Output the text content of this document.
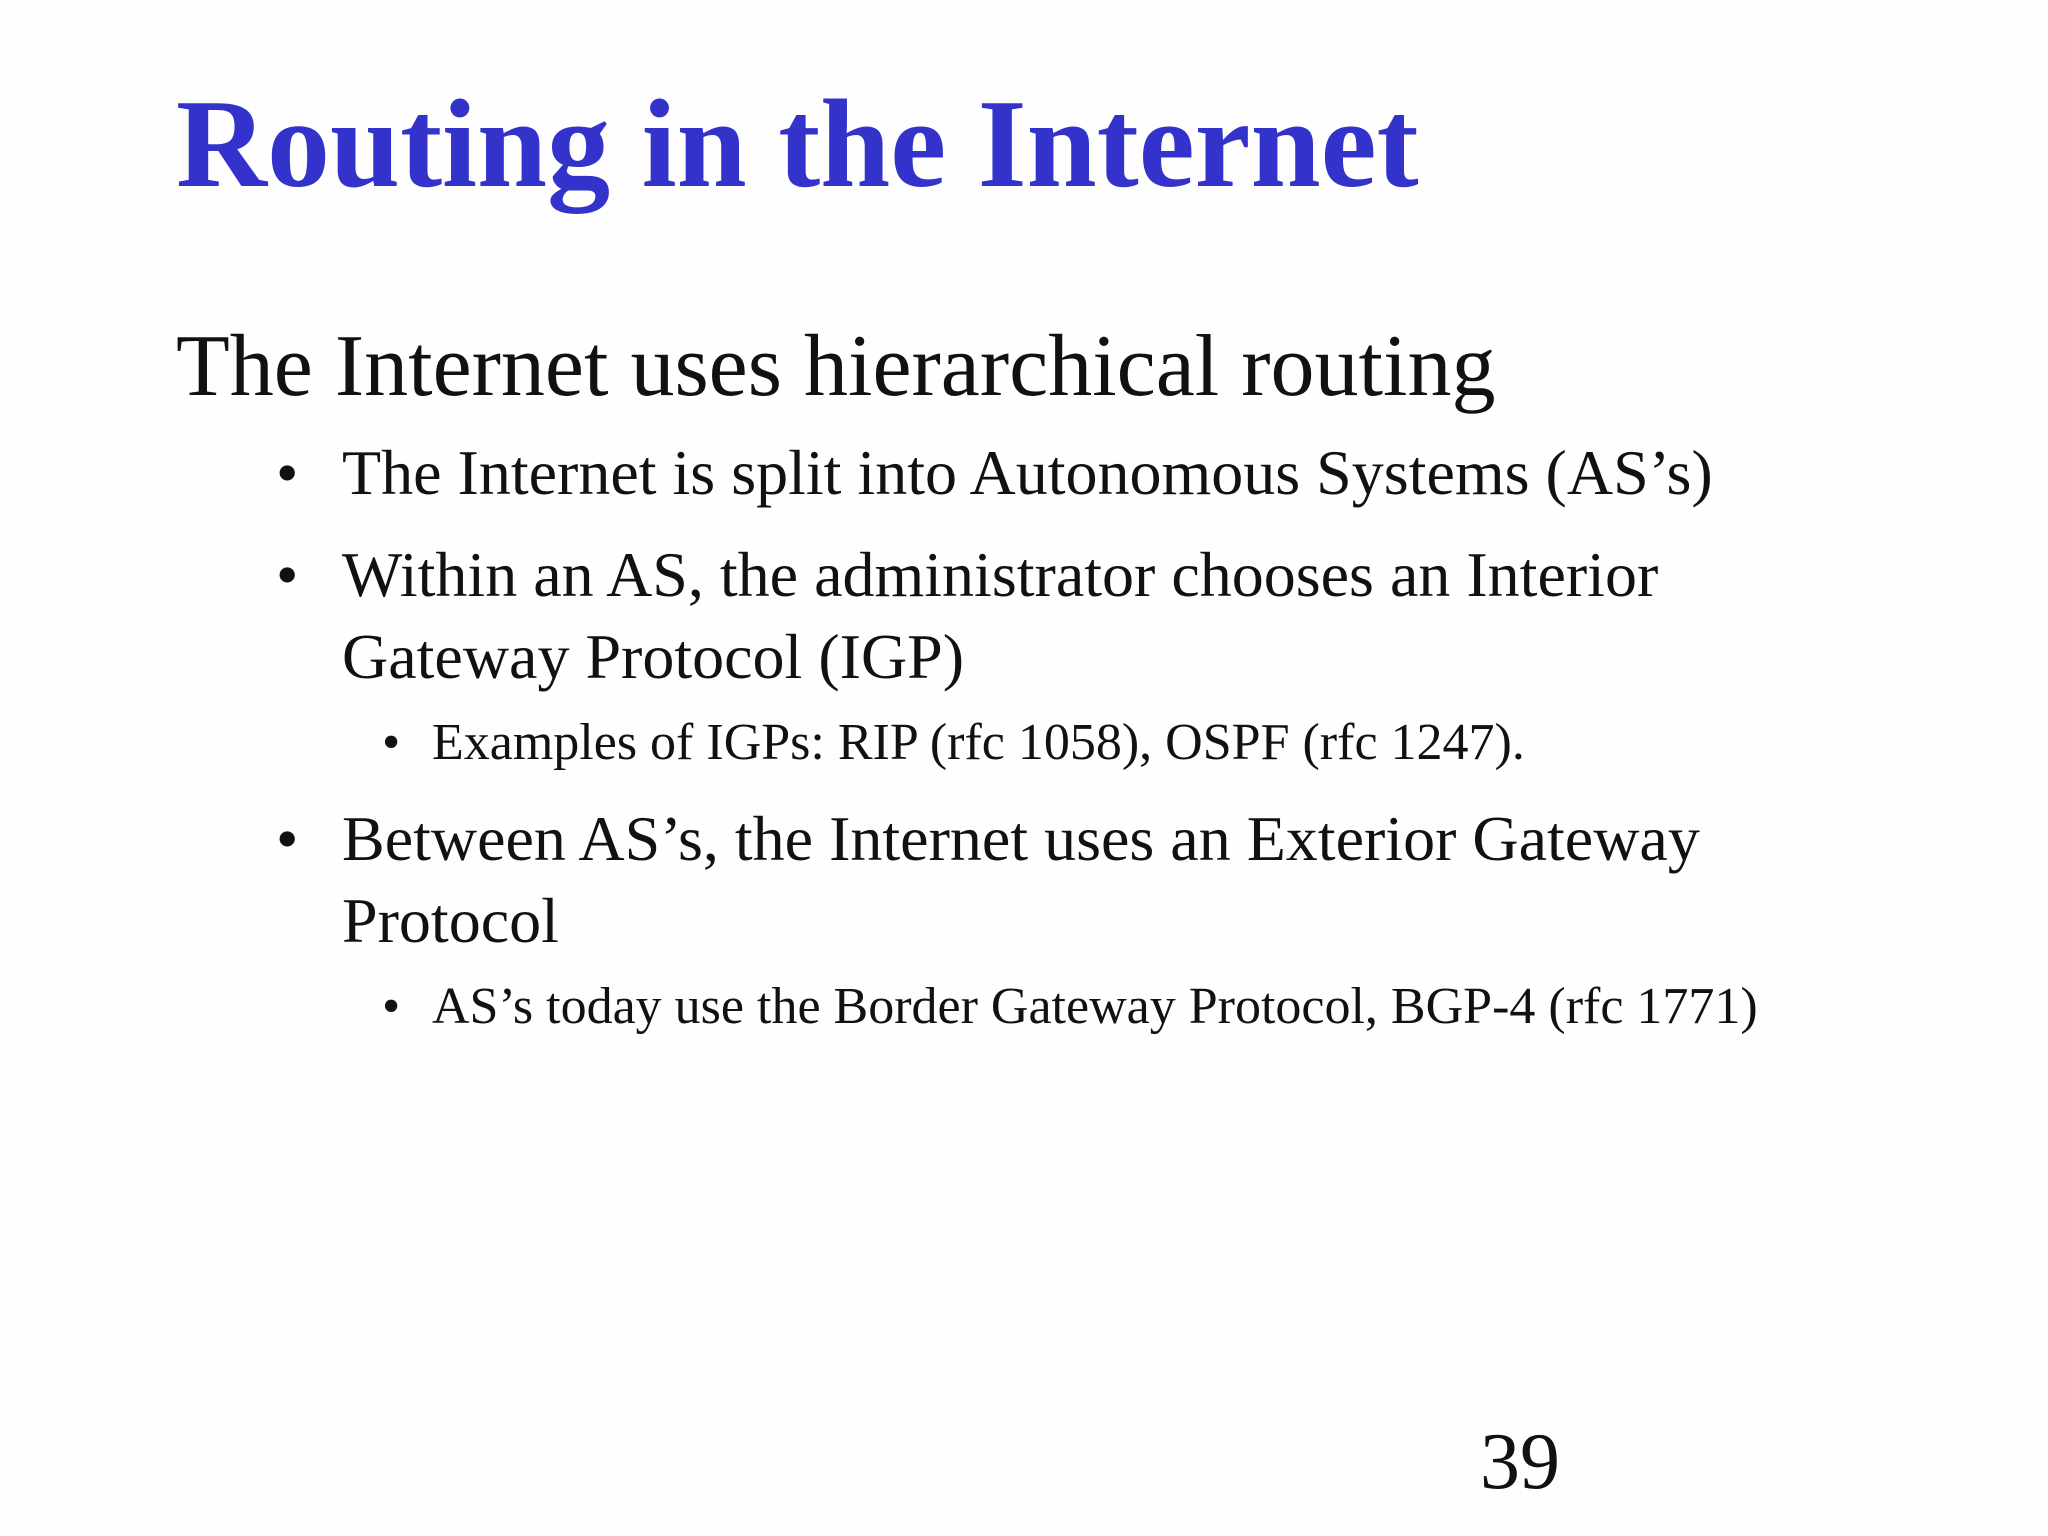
Routing in the Internet

The Internet uses hierarchical routing

• The Internet is split into Autonomous Systems (AS’s)
• Within an AS, the administrator chooses an Interior Gateway Protocol (IGP)
• Examples of IGPs: RIP (rfc 1058), OSPF (rfc 1247).
• Between AS’s, the Internet uses an Exterior Gateway Protocol
• AS’s today use the Border Gateway Protocol, BGP-4 (rfc 1771)
39
